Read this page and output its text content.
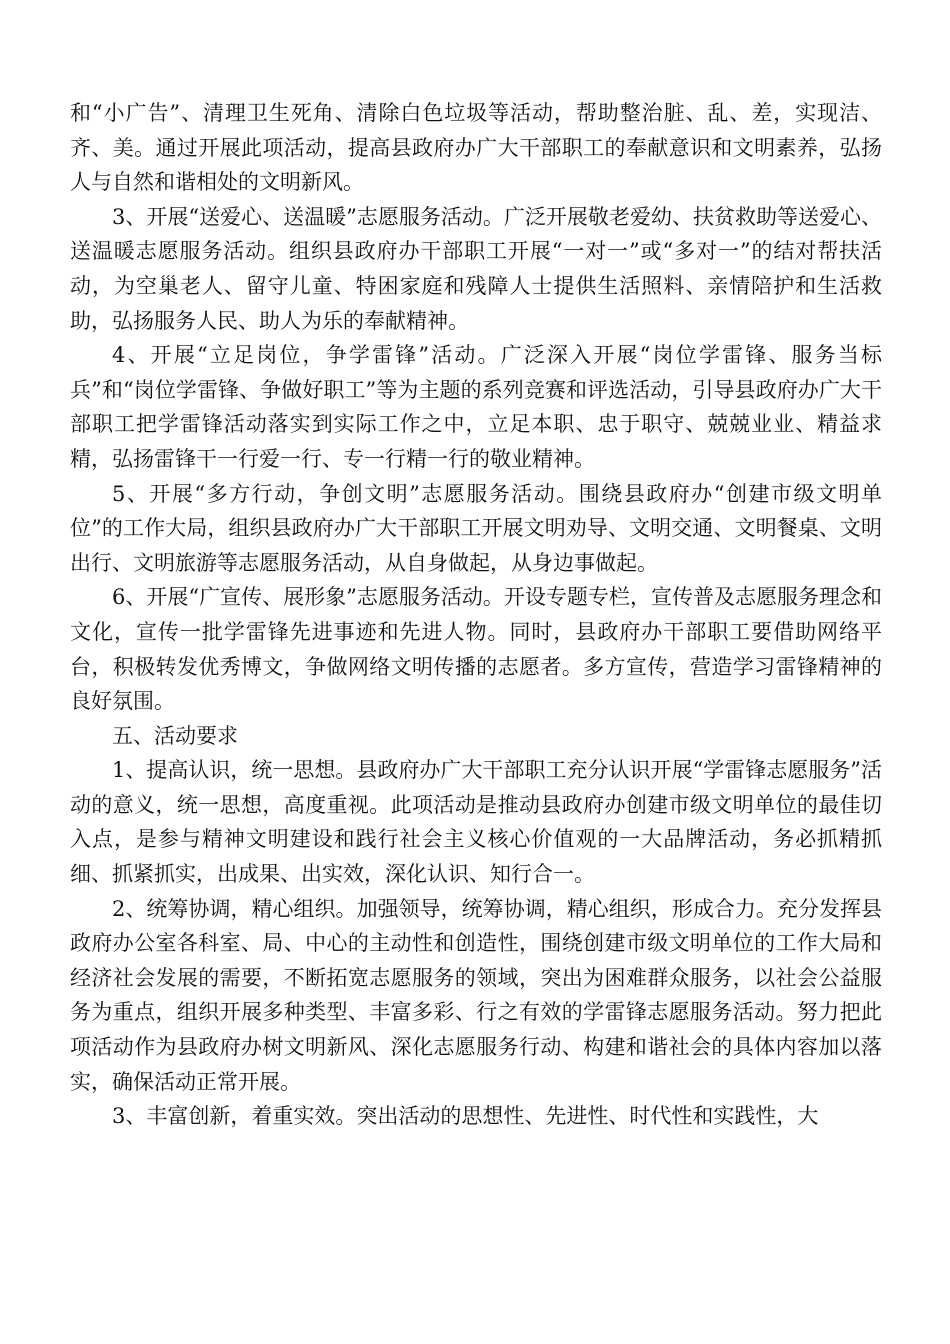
和“小广告”、清理卫生死角、清除白色垃圾等活动，帮助整治脏、乱、差，实现洁、齐、美。通过开展此项活动，提高县政府办广大干部职工的奉献意识和文明素养，弘扬人与自然和谐相处的文明新风。

3、开展“送爱心、送温暖”志愿服务活动。广泛开展敬老爱幼、扶贫救助等送爱心、送温暖志愿服务活动。组织县政府办干部职工开展“一对一”或“多对一”的结对帮扶活动，为空巢老人、留守儿童、特困家庭和残障人士提供生活照料、亲情陪护和生活救助，弘扬服务人民、助人为乐的奉献精神。

4、开展“立足岗位，争学雷锋”活动。广泛深入开展“岗位学雷锋、服务当标兵”和“岗位学雷锋、争做好职工”等为主题的系列竞赛和评选活动，引导县政府办广大干部职工把学雷锋活动落实到实际工作之中，立足本职、忠于职守、兢兢业业、精益求精，弘扬雷锋干一行爱一行、专一行精一行的敬业精神。

5、开展“多方行动，争创文明”志愿服务活动。围绕县政府办“创建市级文明单位”的工作大局，组织县政府办广大干部职工开展文明劝导、文明交通、文明餐桌、文明出行、文明旅游等志愿服务活动，从自身做起，从身边事做起。

6、开展“广宣传、展形象”志愿服务活动。开设专题专栏，宣传普及志愿服务理念和文化，宣传一批学雷锋先进事迹和先进人物。同时，县政府办干部职工要借助网络平台，积极转发优秀博文，争做网络文明传播的志愿者。多方宣传，营造学习雷锋精神的良好氛围。

五、活动要求

1、提高认识，统一思想。县政府办广大干部职工充分认识开展“学雷锋志愿服务”活动的意义，统一思想，高度重视。此项活动是推动县政府办创建市级文明单位的最佳切入点，是参与精神文明建设和践行社会主义核心价值观的一大品牌活动，务必抓精抓细、抓紧抓实，出成果、出实效，深化认识、知行合一。

2、统筹协调，精心组织。加强领导，统筹协调，精心组织，形成合力。充分发挥县政府办公室各科室、局、中心的主动性和创造性，围绕创建市级文明单位的工作大局和经济社会发展的需要，不断拓宽志愿服务的领域，突出为困难群众服务，以社会公益服务为重点，组织开展多种类型、丰富多彩、行之有效的学雷锋志愿服务活动。努力把此项活动作为县政府办树文明新风、深化志愿服务行动、构建和谐社会的具体内容加以落实，确保活动正常开展。

3、丰富创新，着重实效。突出活动的思想性、先进性、时代性和实践性，大
